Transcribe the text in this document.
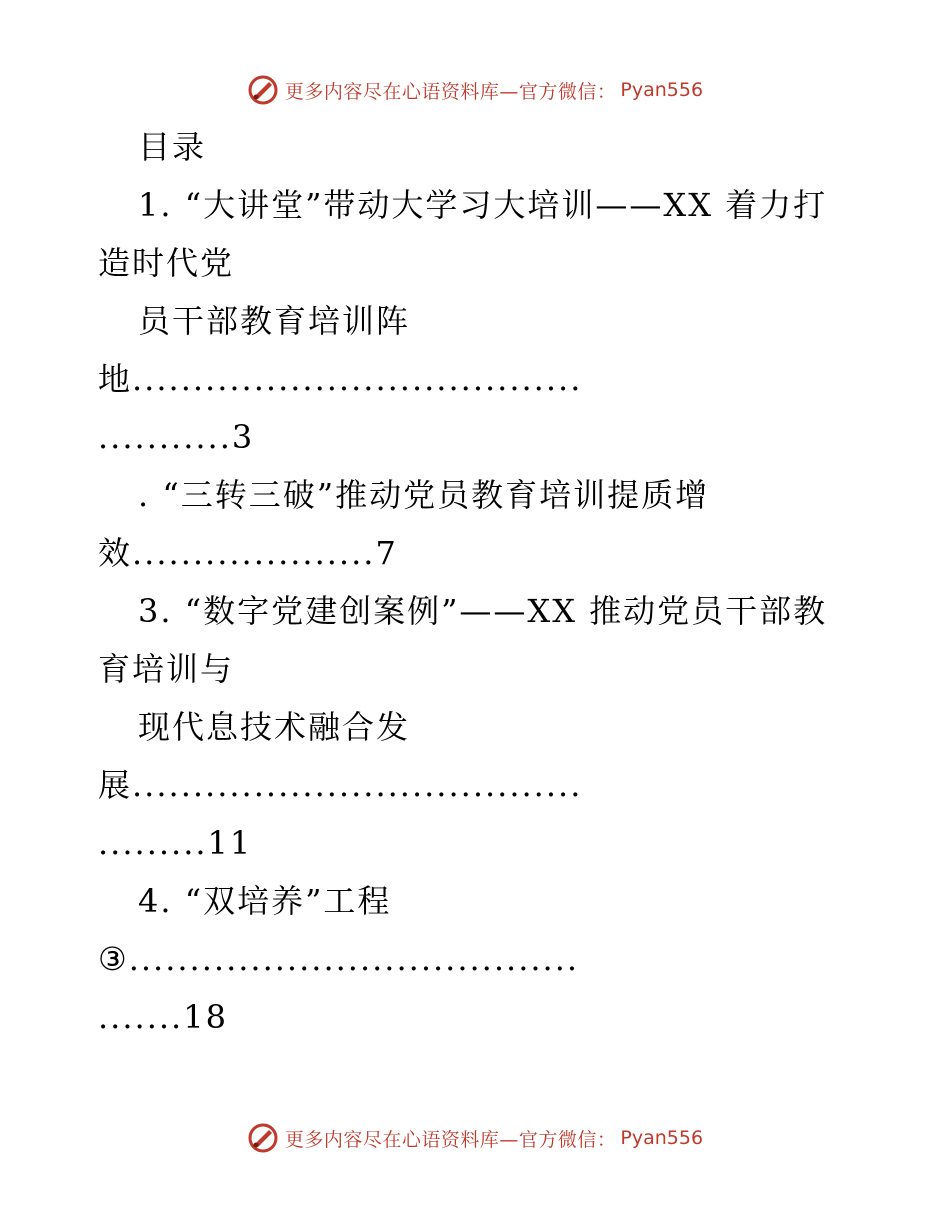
更多内容尽在心语资料库—官方微信： Pyan556
目录
1. “大讲堂”带动大学习大培训——XX 着力打
造时代党
员干部教育培训阵
地.....................................
...........3
. “三转三破”推动党员教育培训提质增
效....................7
3. “数字党建创案例”——XX 推动党员干部教
育培训与
现代息技术融合发
展.....................................
.........11
4. “双培养”工程
③.....................................
.......18
更多内容尽在心语资料库—官方微信： Pyan556
